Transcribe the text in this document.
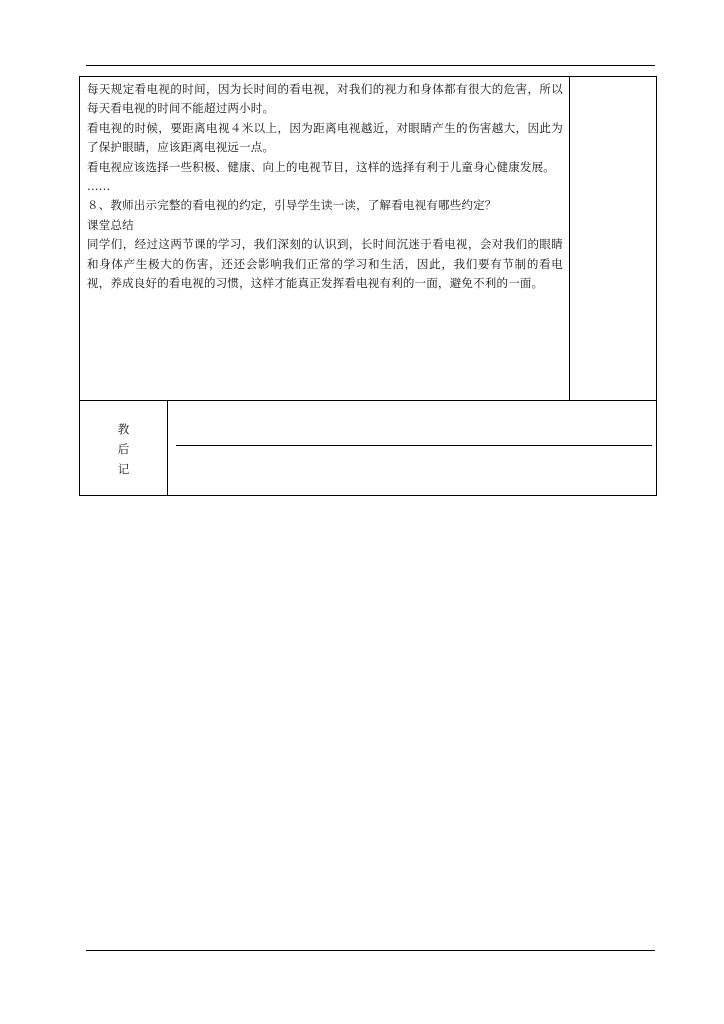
每天规定看电视的时间，因为长时间的看电视，对我们的视力和身体都有很大的危害，所以每天看电视的时间不能超过两小时。

看电视的时候，要距离电视４米以上，因为距离电视越近，对眼睛产生的伤害越大，因此为了保护眼睛，应该距离电视远一点。

看电视应该选择一些积极、健康、向上的电视节目，这样的选择有利于儿童身心健康发展。

……

８、教师出示完整的看电视的约定，引导学生读一读，了解看电视有哪些约定？

课堂总结

同学们，经过这两节课的学习，我们深刻的认识到，长时间沉迷于看电视，会对我们的眼睛和身体产生极大的伤害，还还会影响我们正常的学习和生活，因此，我们要有节制的看电视，养成良好的看电视的习惯，这样才能真正发挥看电视有利的一面，避免不利的一面。

教
后
记
